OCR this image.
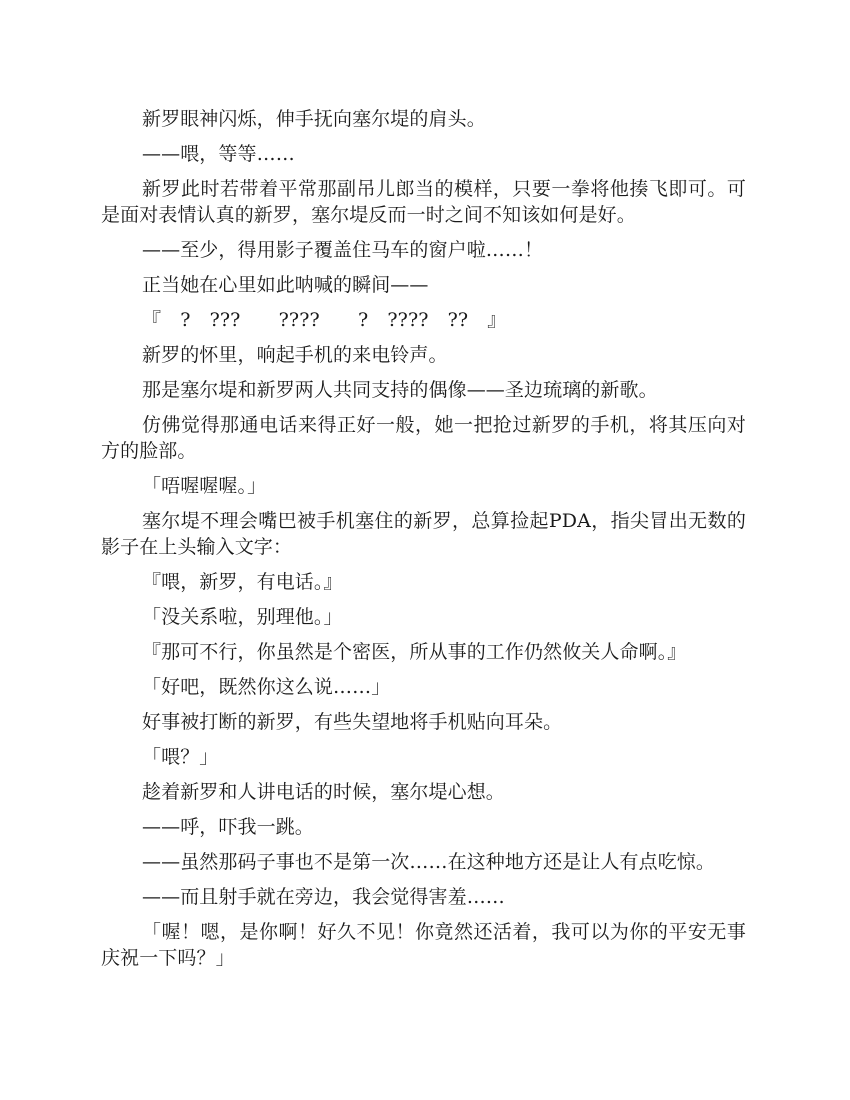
新罗眼神闪烁，伸手抚向塞尔堤的肩头。

——喂，等等……

新罗此时若带着平常那副吊儿郎当的模样，只要一拳将他揍飞即可。可是面对表情认真的新罗，塞尔堤反而一时之间不知该如何是好。

——至少，得用影子覆盖住马车的窗户啦……！

正当她在心里如此呐喊的瞬间——

『　?　???　　????　　?　????　??　』

新罗的怀里，响起手机的来电铃声。

那是塞尔堤和新罗两人共同支持的偶像——圣边琉璃的新歌。

仿佛觉得那通电话来得正好一般，她一把抢过新罗的手机，将其压向对方的脸部。

「唔喔喔喔。」

塞尔堤不理会嘴巴被手机塞住的新罗，总算捡起PDA，指尖冒出无数的影子在上头输入文字：

『喂，新罗，有电话。』

「没关系啦，别理他。」

『那可不行，你虽然是个密医，所从事的工作仍然攸关人命啊。』

「好吧，既然你这么说……」

好事被打断的新罗，有些失望地将手机贴向耳朵。

「喂？」

趁着新罗和人讲电话的时候，塞尔堤心想。

——呼，吓我一跳。

——虽然那码子事也不是第一次……在这种地方还是让人有点吃惊。

——而且射手就在旁边，我会觉得害羞……

「喔！嗯，是你啊！好久不见！你竟然还活着，我可以为你的平安无事庆祝一下吗？」
